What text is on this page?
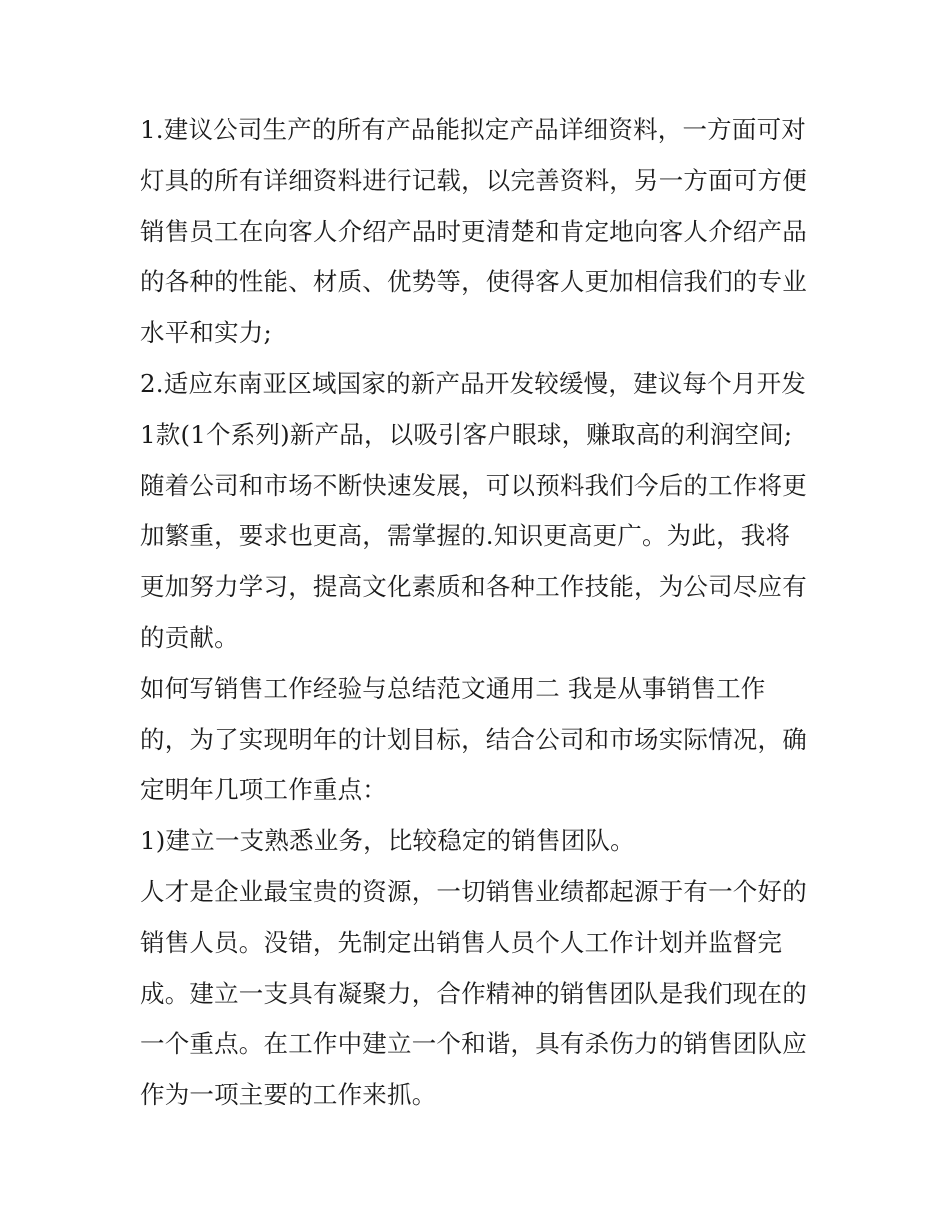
1.建议公司生产的所有产品能拟定产品详细资料，一方面可对
灯具的所有详细资料进行记载，以完善资料，另一方面可方便
销售员工在向客人介绍产品时更清楚和肯定地向客人介绍产品
的各种的性能、材质、优势等，使得客人更加相信我们的专业
水平和实力;
2.适应东南亚区域国家的新产品开发较缓慢，建议每个月开发
1款(1个系列)新产品，以吸引客户眼球，赚取高的利润空间;
随着公司和市场不断快速发展，可以预料我们今后的工作将更
加繁重，要求也更高，需掌握的.知识更高更广。为此，我将
更加努力学习，提高文化素质和各种工作技能，为公司尽应有
的贡献。
如何写销售工作经验与总结范文通用二 我是从事销售工作
的，为了实现明年的计划目标，结合公司和市场实际情况，确
定明年几项工作重点：
1)建立一支熟悉业务，比较稳定的销售团队。
人才是企业最宝贵的资源，一切销售业绩都起源于有一个好的
销售人员。没错，先制定出销售人员个人工作计划并监督完
成。建立一支具有凝聚力，合作精神的销售团队是我们现在的
一个重点。在工作中建立一个和谐，具有杀伤力的销售团队应
作为一项主要的工作来抓。
